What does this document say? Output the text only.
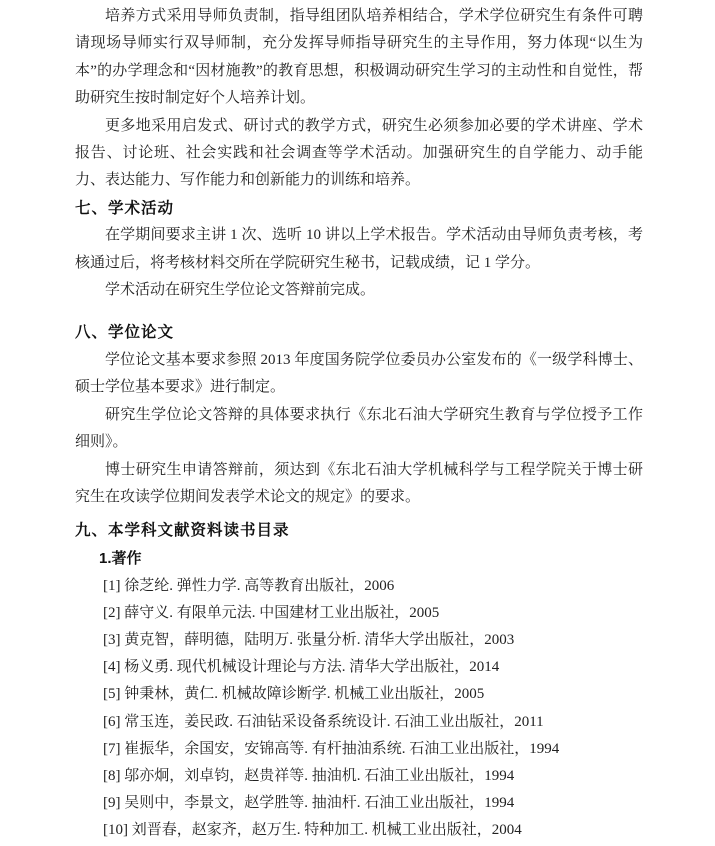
培养方式采用导师负责制，指导组团队培养相结合，学术学位研究生有条件可聘请现场导师实行双导师制，充分发挥导师指导研究生的主导作用，努力体现“以生为本”的办学理念和“因材施教”的教育思想，积极调动研究生学习的主动性和自觉性，帮助研究生按时制定好个人培养计划。

更多地采用启发式、研讨式的教学方式，研究生必须参加必要的学术讲座、学术报告、讨论班、社会实践和社会调查等学术活动。加强研究生的自学能力、动手能力、表达能力、写作能力和创新能力的训练和培养。

七、学术活动

在学期间要求主讲 1 次、选听 10 讲以上学术报告。学术活动由导师负责考核，考核通过后，将考核材料交所在学院研究生秘书，记载成绩，记 1 学分。

学术活动在研究生学位论文答辩前完成。

八、学位论文

学位论文基本要求参照 2013 年度国务院学位委员办公室发布的《一级学科博士、硕士学位基本要求》进行制定。

研究生学位论文答辩的具体要求执行《东北石油大学研究生教育与学位授予工作细则》。

博士研究生申请答辩前，须达到《东北石油大学机械科学与工程学院关于博士研究生在攻读学位期间发表学术论文的规定》的要求。

九、本学科文献资料读书目录
1.著作
[1] 徐芝纶. 弹性力学. 高等教育出版社，2006
[2] 薛守义. 有限单元法. 中国建材工业出版社，2005
[3] 黄克智，薛明德，陆明万. 张量分析. 清华大学出版社，2003
[4] 杨义勇. 现代机械设计理论与方法. 清华大学出版社，2014
[5] 钟秉林，黄仁. 机械故障诊断学. 机械工业出版社，2005
[6] 常玉连，姜民政. 石油钻采设备系统设计. 石油工业出版社，2011
[7] 崔振华，余国安，安锦高等. 有杆抽油系统. 石油工业出版社，1994
[8] 邬亦炯，刘卓钧，赵贵祥等. 抽油机. 石油工业出版社，1994
[9] 吴则中，李景文，赵学胜等. 抽油杆. 石油工业出版社，1994
[10] 刘晋春，赵家齐，赵万生. 特种加工. 机械工业出版社，2004
